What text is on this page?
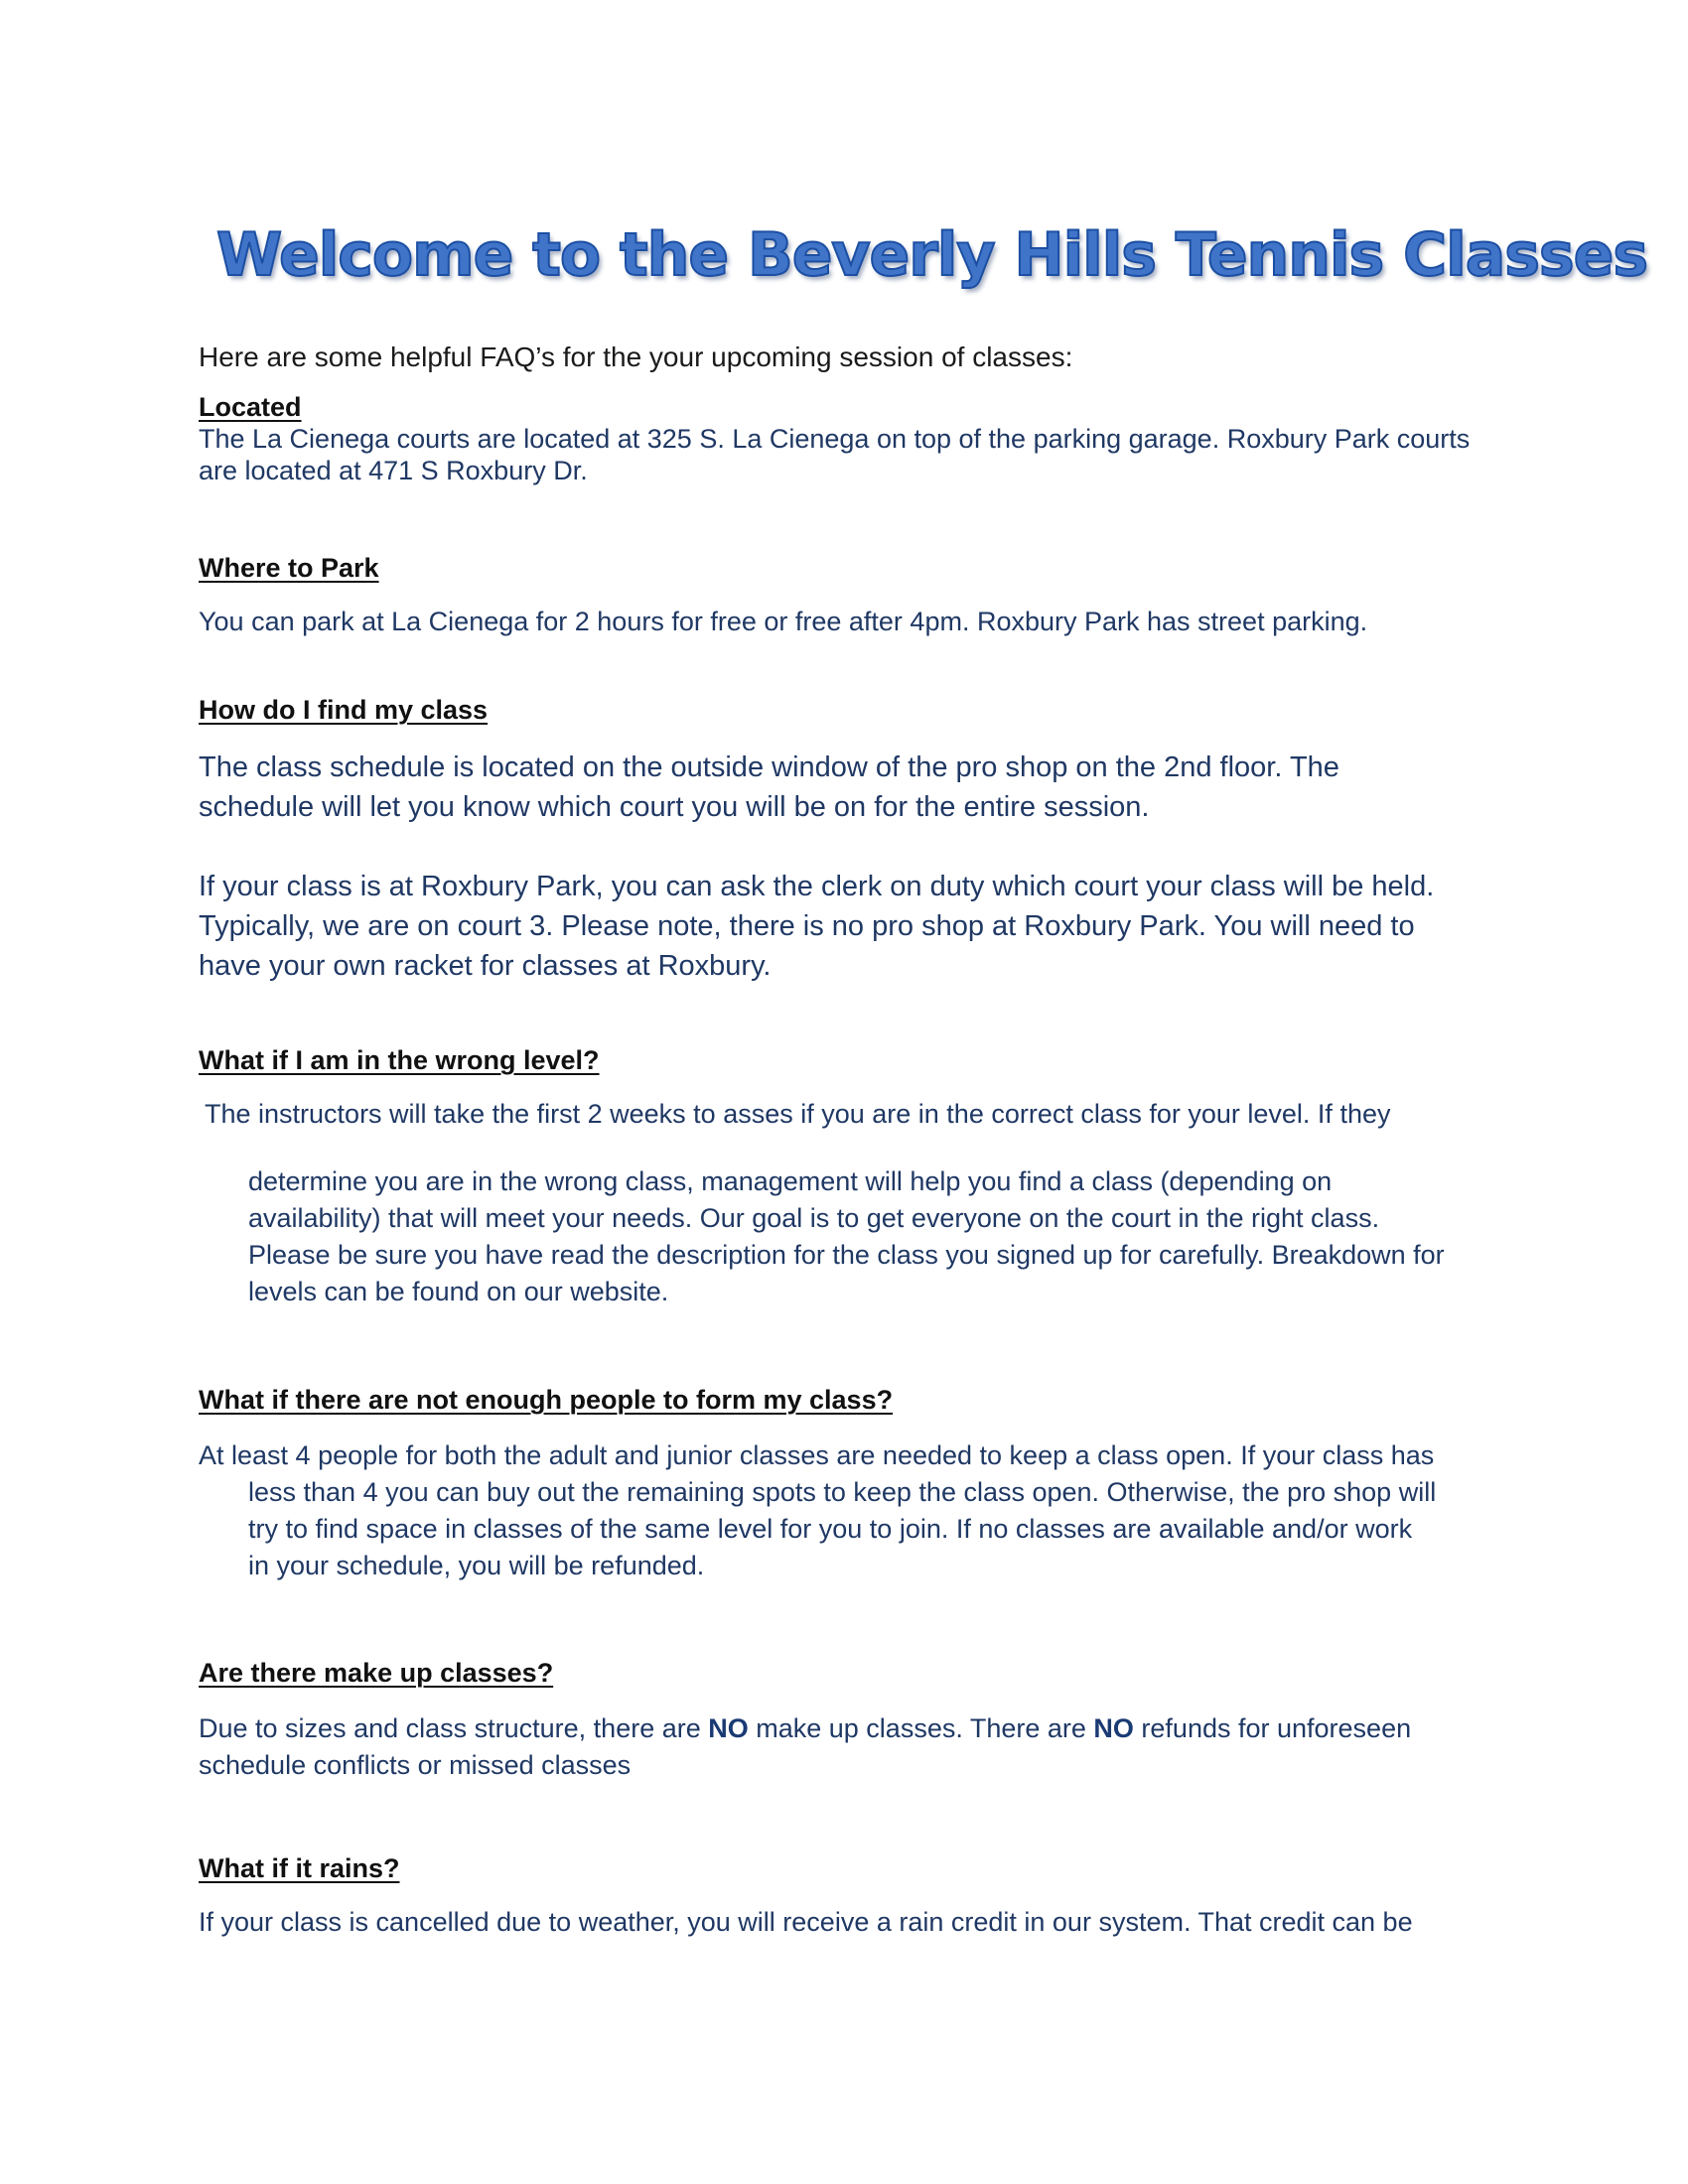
Welcome to the Beverly Hills Tennis Classes
Here are some helpful FAQ’s for the your upcoming session of classes:
Located
The La Cienega courts are located at 325 S. La Cienega on top of the parking garage. Roxbury Park courts
are located at 471 S Roxbury Dr.
Where to Park
You can park at La Cienega for 2 hours for free or free after 4pm. Roxbury Park has street parking.
How do I find my class
The class schedule is located on the outside window of the pro shop on the 2nd floor. The
schedule will let you know which court you will be on for the entire session.
If your class is at Roxbury Park, you can ask the clerk on duty which court your class will be held.
Typically, we are on court 3. Please note, there is no pro shop at Roxbury Park. You will need to
have your own racket for classes at Roxbury.
What if I am in the wrong level?
The instructors will take the first 2 weeks to asses if you are in the correct class for your level. If they
determine you are in the wrong class, management will help you find a class (depending on
availability) that will meet your needs. Our goal is to get everyone on the court in the right class.
Please be sure you have read the description for the class you signed up for carefully. Breakdown for
levels can be found on our website.
What if there are not enough people to form my class?
At least 4 people for both the adult and junior classes are needed to keep a class open. If your class has
less than 4 you can buy out the remaining spots to keep the class open. Otherwise, the pro shop will
try to find space in classes of the same level for you to join. If no classes are available and/or work
in your schedule, you will be refunded.
Are there make up classes?
Due to sizes and class structure, there are NO make up classes. There are NO refunds for unforeseen
schedule conflicts or missed classes
What if it rains?
If your class is cancelled due to weather, you will receive a rain credit in our system. That credit can be
